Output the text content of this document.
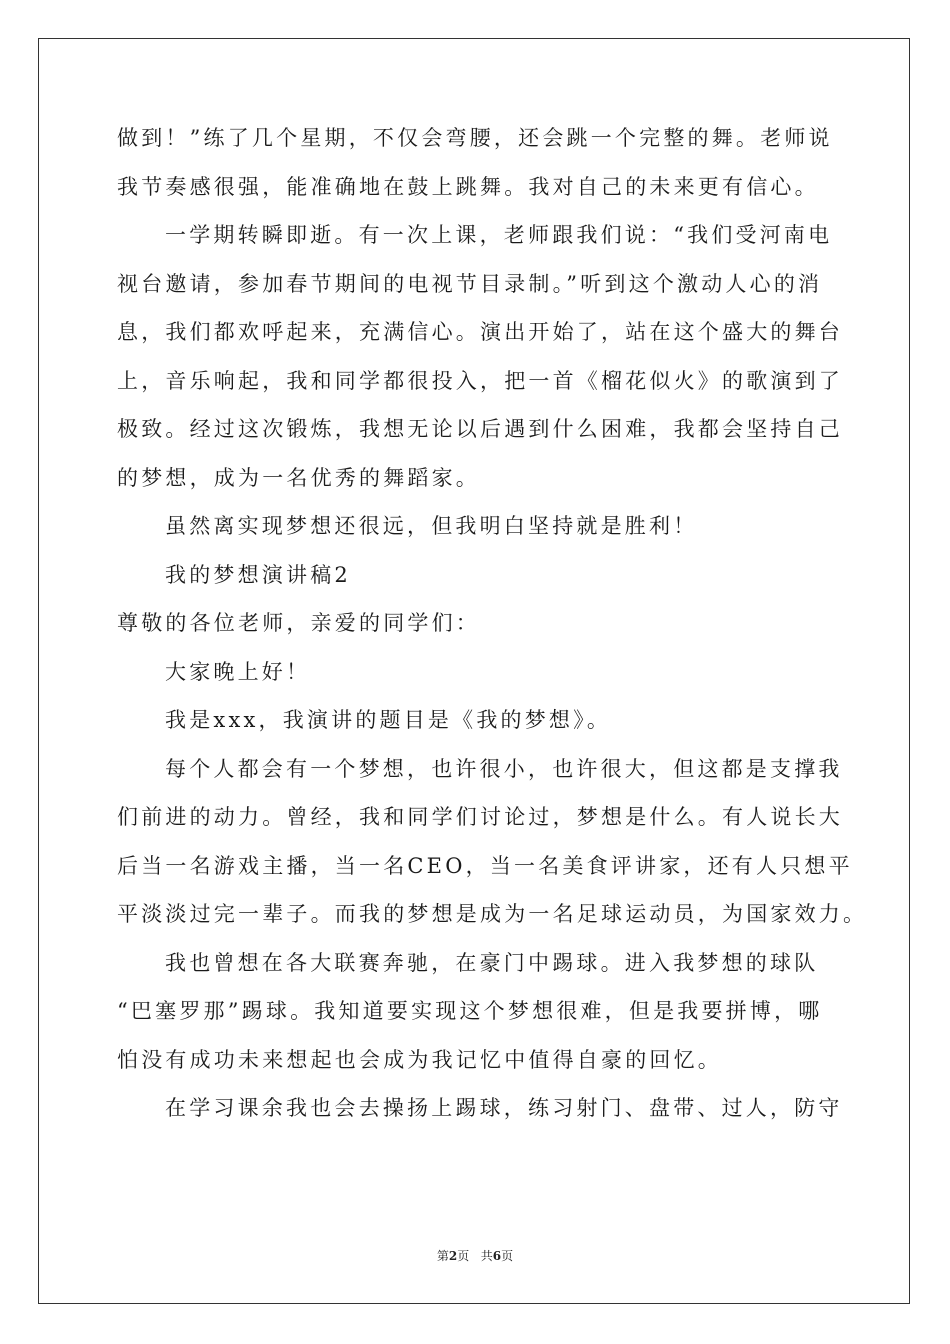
做到！”练了几个星期，不仅会弯腰，还会跳一个完整的舞。老师说
我节奏感很强，能准确地在鼓上跳舞。我对自己的未来更有信心。
一学期转瞬即逝。有一次上课，老师跟我们说：“我们受河南电
视台邀请，参加春节期间的电视节目录制。”听到这个激动人心的消
息，我们都欢呼起来，充满信心。演出开始了，站在这个盛大的舞台
上，音乐响起，我和同学都很投入，把一首《榴花似火》的歌演到了
极致。经过这次锻炼，我想无论以后遇到什么困难，我都会坚持自己
的梦想，成为一名优秀的舞蹈家。
虽然离实现梦想还很远，但我明白坚持就是胜利！
我的梦想演讲稿2
尊敬的各位老师，亲爱的同学们：
大家晚上好！
我是xxx，我演讲的题目是《我的梦想》。
每个人都会有一个梦想，也许很小，也许很大，但这都是支撑我
们前进的动力。曾经，我和同学们讨论过，梦想是什么。有人说长大
后当一名游戏主播，当一名CEO，当一名美食评讲家，还有人只想平
平淡淡过完一辈子。而我的梦想是成为一名足球运动员，为国家效力。
我也曾想在各大联赛奔驰，在豪门中踢球。进入我梦想的球队
“巴塞罗那”踢球。我知道要实现这个梦想很难，但是我要拼博，哪
怕没有成功未来想起也会成为我记忆中值得自豪的回忆。
在学习课余我也会去操扬上踢球，练习射门、盘带、过人，防守
第2页 共6页
